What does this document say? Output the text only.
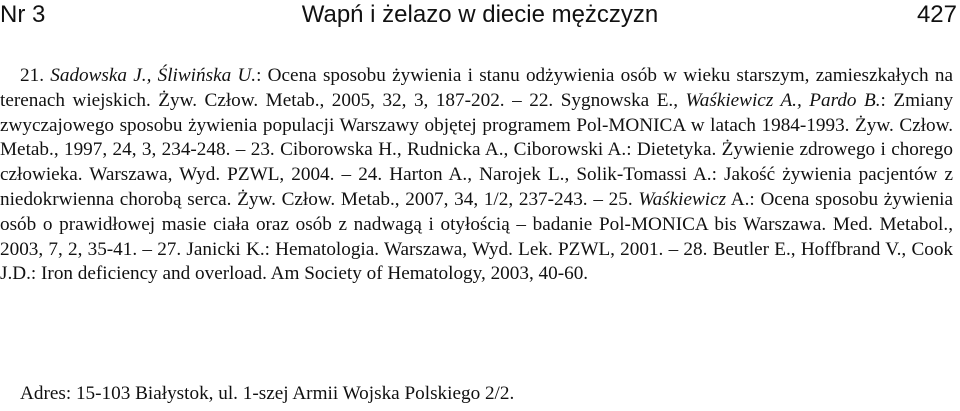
Wapń i żelazo w diecie mężczyzn
Nr 3	427

21. Sadowska J., Śliwińska U.: Ocena sposobu żywienia i stanu odżywienia osób w wieku starszym, zamieszkałych na terenach wiejskich. Żyw. Człow. Metab., 2005, 32, 3, 187-202. – 22. Sygnowska E., Waśkiewicz A., Pardo B.: Zmiany zwyczajowego sposobu żywienia populacji Warszawy objętej programem Pol-MONICA w latach 1984-1993. Żyw. Człow. Metab., 1997, 24, 3, 234-248. – 23. Ciborowska H., Rudnicka A., Ciborowski A.: Dietetyka. Żywienie zdrowego i chorego człowieka. Warszawa, Wyd. PZWL, 2004. – 24. Harton A., Narojek L., Solik-Tomassi A.: Jakość żywienia pacjentów z niedokrwienna chorobą serca. Żyw. Człow. Metab., 2007, 34, 1/2, 237-243. – 25. Waśkiewicz A.: Ocena sposobu żywienia osób o prawidłowej masie ciała oraz osób z nadwagą i otyłością – badanie Pol-MONICA bis Warszawa. Med. Metabol., 2003, 7, 2, 35-41. – 27. Janicki K.: Hematologia. Warszawa, Wyd. Lek. PZWL, 2001. – 28. Beutler E., Hoffbrand V., Cook J.D.: Iron deficiency and overload. Am Society of Hematology, 2003, 40-60.

Adres: 15-103 Białystok, ul. 1-szej Armii Wojska Polskiego 2/2.
